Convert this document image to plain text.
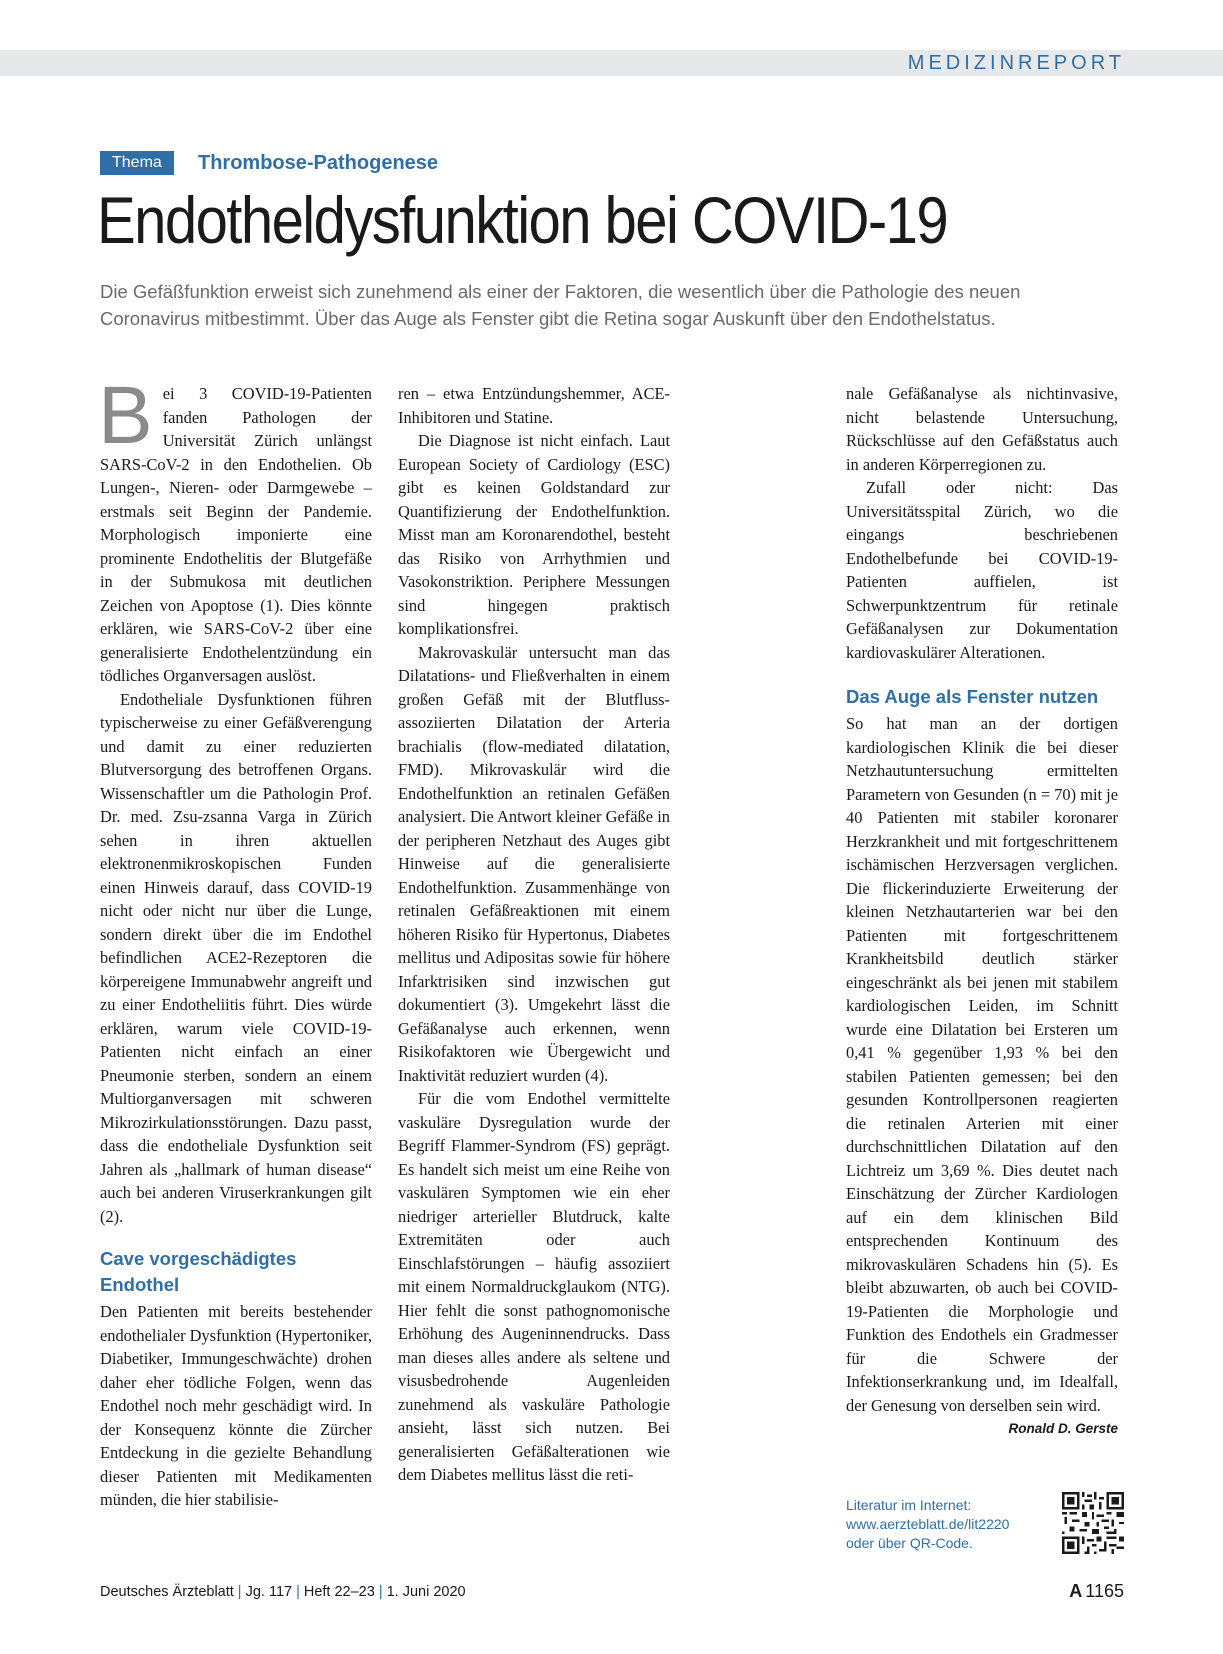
MEDIZINREPORT
Thema	Thrombose-Pathogenese
Endotheldysfunktion bei COVID-19
Die Gefäßfunktion erweist sich zunehmend als einer der Faktoren, die wesentlich über die Pathologie des neuen
Coronavirus mitbestimmt. Über das Auge als Fenster gibt die Retina sogar Auskunft über den Endothelstatus.

Bei 3 COVID-19-Patienten fanden Pathologen der Universität Zürich unlängst SARS-CoV-2 in den Endothelien. Ob Lungen-, Nieren- oder Darmgewebe – erstmals seit Beginn der Pandemie. Morphologisch imponierte eine prominente Endothelitis der Blutgefäße in der Submukosa mit deutlichen Zeichen von Apoptose (1). Dies könnte erklären, wie SARS-CoV-2 über eine generalisierte Endothelentzündung ein tödliches Organversagen auslöst.

Endotheliale Dysfunktionen führen typischerweise zu einer Gefäßverengung und damit zu einer reduzierten Blutversorgung des betroffenen Organs. Wissenschaftler um die Pathologin Prof. Dr. med. Zsu-zsanna Varga in Zürich sehen in ihren aktuellen elektronenmikroskopischen Funden einen Hinweis darauf, dass COVID-19 nicht oder nicht nur über die Lunge, sondern direkt über die im Endothel befindlichen ACE2-Rezeptoren die körpereigene Immunabwehr angreift und zu einer Endotheliitis führt. Dies würde erklären, warum viele COVID-19-Patienten nicht einfach an einer Pneumonie sterben, sondern an einem Multiorganversagen mit schweren Mikrozirkulationsstörungen. Dazu passt, dass die endotheliale Dysfunktion seit Jahren als „hallmark of human disease“ auch bei anderen Viruserkrankungen gilt (2).

Cave vorgeschädigtes Endothel

Den Patienten mit bereits bestehender endothelialer Dysfunktion (Hypertoniker, Diabetiker, Immungeschwächte) drohen daher eher tödliche Folgen, wenn das Endothel noch mehr geschädigt wird. In der Konsequenz könnte die Zürcher Entdeckung in die gezielte Behandlung dieser Patienten mit Medikamenten münden, die hier stabilisie-

ren – etwa Entzündungshemmer, ACE-Inhibitoren und Statine.

Die Diagnose ist nicht einfach. Laut European Society of Cardiology (ESC) gibt es keinen Goldstandard zur Quantifizierung der Endothelfunktion. Misst man am Koronarendothel, besteht das Risiko von Arrhythmien und Vasokonstriktion. Periphere Messungen sind hingegen praktisch komplikationsfrei.

Makrovaskulär untersucht man das Dilatations- und Fließverhalten in einem großen Gefäß mit der Blutfluss-assoziierten Dilatation der Arteria brachialis (flow-mediated dilatation, FMD). Mikrovaskulär wird die Endothelfunktion an retinalen Gefäßen analysiert. Die Antwort kleiner Gefäße in der peripheren Netzhaut des Auges gibt Hinweise auf die generalisierte Endothelfunktion. Zusammenhänge von retinalen Gefäßreaktionen mit einem höheren Risiko für Hypertonus, Diabetes mellitus und Adipositas sowie für höhere Infarktrisiken sind inzwischen gut dokumentiert (3). Umgekehrt lässt die Gefäßanalyse auch erkennen, wenn Risikofaktoren wie Übergewicht und Inaktivität reduziert wurden (4).

Für die vom Endothel vermittelte vaskuläre Dysregulation wurde der Begriff Flammer-Syndrom (FS) geprägt. Es handelt sich meist um eine Reihe von vaskulären Symptomen wie ein eher niedriger arterieller Blutdruck, kalte Extremitäten oder auch Einschlafstörungen – häufig assoziiert mit einem Normaldruckglaukom (NTG). Hier fehlt die sonst pathognomonische Erhöhung des Augeninnendrucks. Dass man dieses alles andere als seltene und visusbedrohende Augenleiden zunehmend als vaskuläre Pathologie ansieht, lässt sich nutzen. Bei generalisierten Gefäßalterationen wie dem Diabetes mellitus lässt die reti-

nale Gefäßanalyse als nichtinvasive, nicht belastende Untersuchung, Rückschlüsse auf den Gefäßstatus auch in anderen Körperregionen zu.

Zufall oder nicht: Das Universitätsspital Zürich, wo die eingangs beschriebenen Endothelbefunde bei COVID-19-Patienten auffielen, ist Schwerpunktzentrum für retinale Gefäßanalysen zur Dokumentation kardiovaskulärer Alterationen.

Das Auge als Fenster nutzen

So hat man an der dortigen kardiologischen Klinik die bei dieser Netzhautuntersuchung ermittelten Parametern von Gesunden (n = 70) mit je 40 Patienten mit stabiler koronarer Herzkrankheit und mit fortgeschrittenem ischämischen Herzversagen verglichen. Die flickerinduzierte Erweiterung der kleinen Netzhautarterien war bei den Patienten mit fortgeschrittenem Krankheitsbild deutlich stärker eingeschränkt als bei jenen mit stabilem kardiologischen Leiden, im Schnitt wurde eine Dilatation bei Ersteren um 0,41 % gegenüber 1,93 % bei den stabilen Patienten gemessen; bei den gesunden Kontrollpersonen reagierten die retinalen Arterien mit einer durchschnittlichen Dilatation auf den Lichtreiz um 3,69 %. Dies deutet nach Einschätzung der Zürcher Kardiologen auf ein dem klinischen Bild entsprechenden Kontinuum des mikrovaskulären Schadens hin (5). Es bleibt abzuwarten, ob auch bei COVID-19-Patienten die Morphologie und Funktion des Endothels ein Gradmesser für die Schwere der Infektionserkrankung und, im Idealfall, der Genesung von derselben sein wird.
Ronald D. Gerste

Literatur im Internet:
www.aerzteblatt.de/lit2220
oder über QR-Code.
Deutsches Ärzteblatt | Jg. 117 | Heft 22–23 | 1. Juni 2020	A 1165
